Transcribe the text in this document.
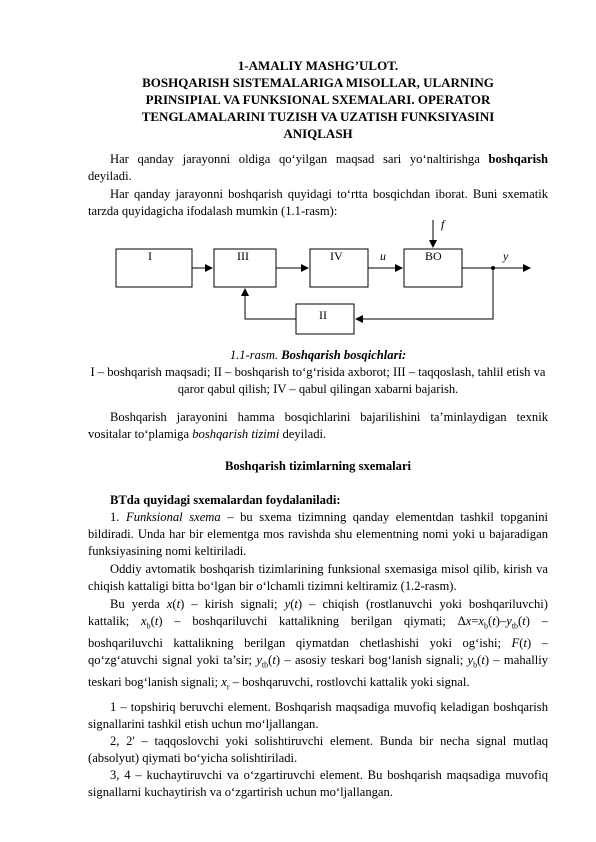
1-AMALIY MASHG’ULOT.
BOSHQARISH SISTEMALARIGA MISOLLAR, ULARNING
PRINSIPIAL VA FUNKSIONAL SXEMALARI. OPERATOR
TENGLAMALARINI TUZISH VA UZATISH FUNKSIYASINI
ANIQLASH

Har qanday jarayonni oldiga qo‘yilgan maqsad sari yo‘naltirishga boshqarish deyiladi.

Har qanday jarayonni boshqarish quyidagi to‘rtta bosqichdan iborat. Buni sxematik tarzda quyidagicha ifodalash mumkin (1.1-rasm):

I	III	IV	BO
II
f
u	y

1.1-rasm. Boshqarish bosqichlari:
I – boshqarish maqsadi; II – boshqarish to‘g‘risida axborot; III – taqqoslash, tahlil etish va qaror qabul qilish; IV – qabul qilingan xabarni bajarish.

Boshqarish jarayonini hamma bosqichlarini bajarilishini ta’minlaydigan texnik vositalar to‘plamiga boshqarish tizimi deyiladi.

Boshqarish tizimlarning sxemalari

BTda quyidagi sxemalardan foydalaniladi:

1. Funksional sxema – bu sxema tizimning qanday elementdan tashkil topganini bildiradi. Unda har bir elementga mos ravishda shu elementning nomi yoki u bajaradigan funksiyasining nomi keltiriladi.

Oddiy avtomatik boshqarish tizimlarining funksional sxemasiga misol qilib, kirish va chiqish kattaligi bitta bo‘lgan bir o‘lchamli tizimni keltiramiz (1.2-rasm).

Bu yerda x(t) – kirish signali; y(t) – chiqish (rostlanuvchi yoki boshqariluvchi) kattalik; $x_b(t)$ – boshqariluvchi kattalikning berilgan qiymati; $\Delta x=x_b(t)-y_{tb}(t)$ – boshqariluvchi kattalikning berilgan qiymatdan chetlashishi yoki og‘ishi; F(t) – qo‘zg‘atuvchi signal yoki ta’sir; $y_{tb}(t)$ – asosiy teskari bog‘lanish signali; $y_b(t)$ – mahalliy teskari bog‘lanish signali; $x_r$ – boshqaruvchi, rostlovchi kattalik yoki signal.

1 – topshiriq beruvchi element. Boshqarish maqsadiga muvofiq keladigan boshqarish signallarini tashkil etish uchun mo‘ljallangan.

2, 2' – taqqoslovchi yoki solishtiruvchi element. Bunda bir necha signal mutlaq (absolyut) qiymati bo‘yicha solishtiriladi.

3, 4 – kuchaytiruvchi va o‘zgartiruvchi element. Bu boshqarish maqsadiga muvofiq signallarni kuchaytirish va o‘zgartirish uchun mo‘ljallangan.
